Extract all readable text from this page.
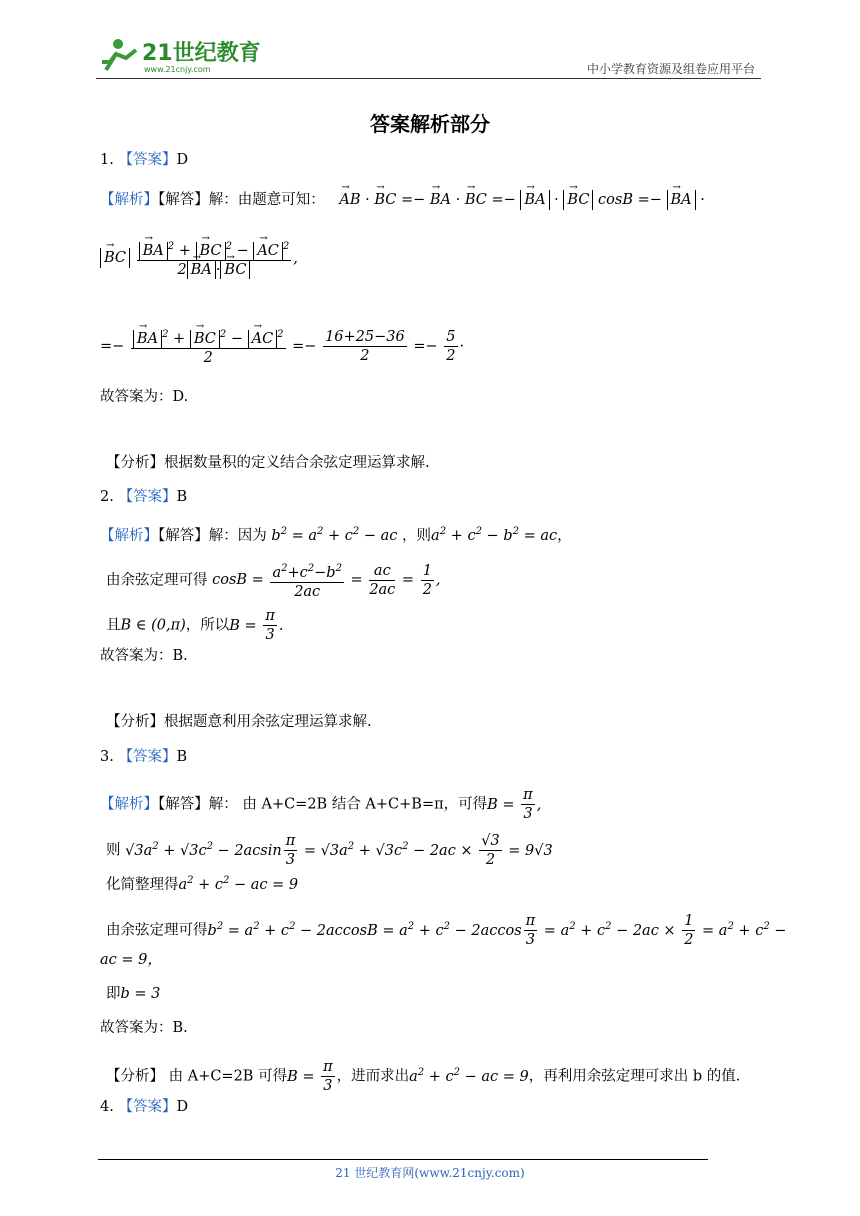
21世纪教育
www.21cnjy.com	中小学教育资源及组卷应用平台
答案解析部分
1. 【答案】D
【解析】【解答】解：由题意可知： → AB · → BC =− → BA · → BC =− → BA · → BC cosB =− → BA ·
→ BC → $\frac{BA ^2 + \to BC ^2 - \to AC ^2}{2 \to BA \cdot \to BC}$ ,
=− → $\frac{BA ^2 + \to BC ^2 - \to AC ^2}{2} =- \frac{16+25-36}{2} =- \frac{5}{2}$ ·
故答案为：D.
【分析】根据数量积的定义结合余弦定理运算求解.
2. 【答案】B
【解析】【解答】解：因为 $b^2 = a^2 + c^2$ − ac ，则$a^2 + c^2 - b^2$ = ac，
由余弦定理可得 $\cos B = \frac{a^2+c^2-b^2}{2ac} = \frac{ac}{2ac} = \frac{1}{2}$ ,
且B ∈ (0,π)，所以$B = \frac{\pi}{3}$ .
故答案为：B.
【分析】根据题意利用余弦定理运算求解.
3. 【答案】B
【解析】【解答】解： 由 A+C=2B 结合 A+C+B=π，可得$B = \frac{\pi}{3}$ ,
则 $√3a^2 + √3c^2 - 2acsin \frac{\pi}{3} = √3a^2 + √3c^2 - 2ac \times \frac{√3}{2} = 9√3$
化简整理得$a^2 + c^2$ − ac = 9
由余弦定理可得$b^2 = a^2 + c^2 - 2accosB = a^2 + c^2 - 2accos \frac{\pi}{3} = a^2 + c^2 - 2ac \times \frac{1}{2} = a^2 + c^2$ −
ac = 9，
即b = 3
故答案为：B.
【分析】 由 A+C=2B 可得$B = \frac{\pi}{3}$ ，进而求出$a^2 + c^2$ − ac = 9，再利用余弦定理可求出 b 的值.
4. 【答案】D
21 世纪教育网(www.21cnjy.com)
